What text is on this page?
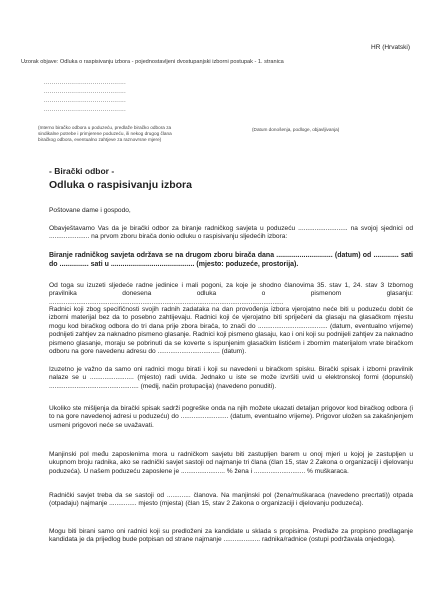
HR (Hrvatski)
Uzorak objave: Odluka o raspisivanju izbora - pojednostavljeni dvostupanjski izborni postupak - 1. stranica
..........................................
..........................................
..........................................
..........................................
(Interno biračko odbora u poduzeću, predlaže biračko odbora za sindikalne potrebe i primjerene poduzeću, ili nekog drugog člana biračkog odbora, eventualno zahtjeve za raznovrsne mjere)
(Datum donošenja, podloge, objavljivanja)
- Birački odbor -
Odluka o raspisivanju izbora

Poštovane dame i gospodo,

Obavještavamo Vas da je birački odbor za biranje radničkog savjeta u poduzeću ........................... na svojoj sjednici od ...................... na prvom zboru birača donio odluku o raspisivanju sljedećih izbora:

Biranje radničkog savjeta održava se na drugom zboru birača dana ............................. (datum) od ............. sati do ............... sati u ........................................... (mjesto: poduzeće, prostorija).

Od toga su izuzeti sljedeće radne jedinice i mali pogoni, za koje je shodno članovima 35. stav 1, 24. stav 3 Izbornog pravilnika donesena odluka o pismenom glasanju: ................................................................................................................................

Radnici koji zbog specifičnosti svojih radnih zadataka na dan provođenja izbora vjerojatno neće biti u poduzeću dobit će izborni materijal bez da to posebno zahtijevaju. Radnici koji će vjerojatno biti spriječeni da glasaju na glasačkom mjestu mogu kod biračkog odbora do tri dana prije zbora birača, to znači do ...................................... (datum, eventualno vrijeme) podnijeti zahtjev za naknadno pismeno glasanje. Radnici koji pismeno glasaju, kao i oni koji su podnijeli zahtjev za naknadno pismeno glasanje, moraju se pobrinuti da se koverte s ispunjenim glasačkim listićem i zbornim materijalom vrate biračkom odboru na gore navedenu adresu do .................................. (datum).

Izuzetno je važno da samo oni radnici mogu birati i koji su navedeni u biračkom spisku. Birački spisak i izborni pravilnik nalaze se u ........................ (mjesto) radi uvida. Jednako u iste se može izvršiti uvid u elektronskoj formi (dopunski) ................................................. (medij, način protupacija) (navedeno ponuditi).

Ukoliko ste mišljenja da birački spisak sadrži pogreške onda na njih možete ukazati detaljan prigovor kod biračkog odbora (i to na gore navedenoj adresi u poduzeću) do .......................... (datum, eventualno vrijeme). Prigovor uložen sa zakašnjenjem usmeni prigovori neće se uvažavati.

Manjinski pol među zaposlenima mora u radničkom savjetu biti zastupljen barem u onoj mjeri u kojoj je zastupljen u ukupnom broju radnika, ako se radnički savjet sastoji od najmanje tri člana (član 15, stav 2 Zakona o organizaciji i djelovanju poduzeća). U našem poduzeću zaposlene je ........................ % žena i ............................ % muškaraca.

Radnički savjet treba da se sastoji od ............. članova. Na manjinski pol (žena/muškaraca (navedeno precrtati)) otpada (otpadaju) najmanje ............... mjesto (mjesta) (član 15, stav 2 Zakona o organizaciji i djelovanju poduzeća).

Mogu biti birani samo oni radnici koji su predloženi za kandidate u sklada s propisima. Predlaže za propisno predlaganje kandidata je da prijedlog bude potpisan od strane najmanje .................... radnika/radnice (ostupi podržavala onjedoga).
